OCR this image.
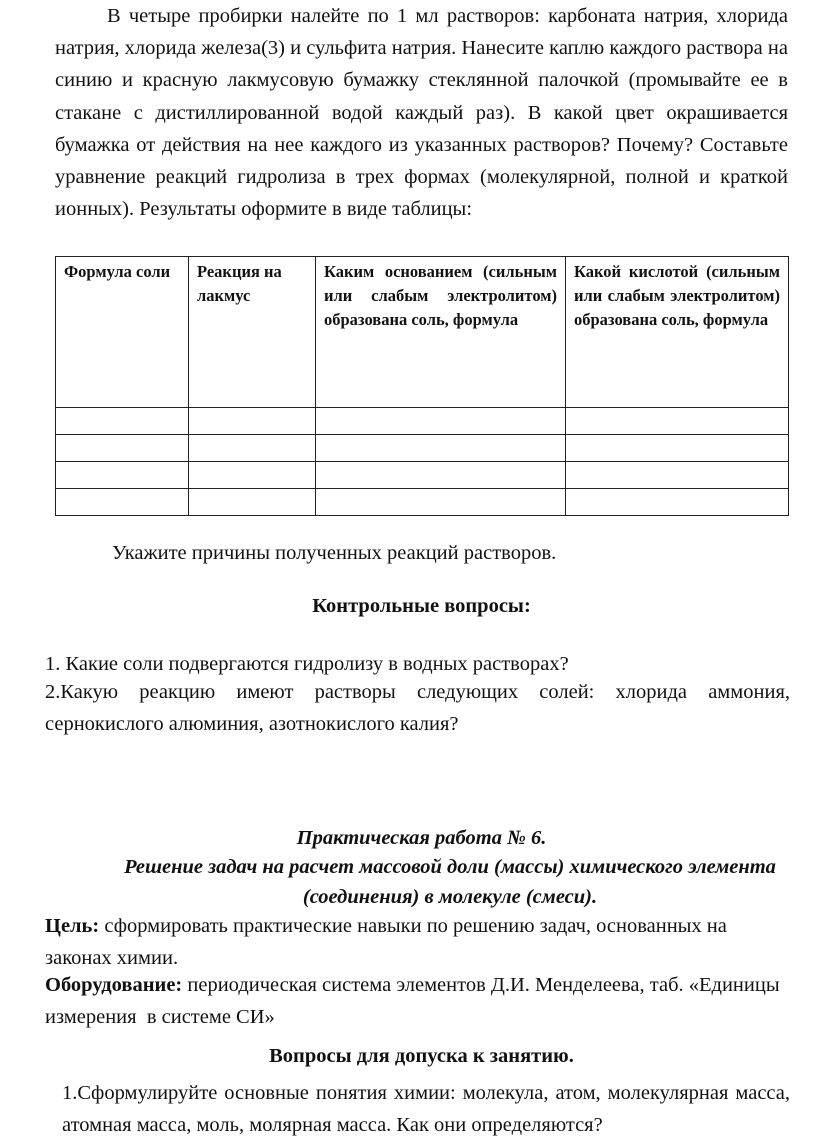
В четыре пробирки налейте по 1 мл растворов: карбоната натрия, хлорида натрия, хлорида железа(3) и сульфита натрия. Нанесите каплю каждого раствора на синию и красную лакмусовую бумажку стеклянной палочкой (промывайте ее в стакане с дистиллированной водой каждый раз). В какой цвет окрашивается бумажка от действия на нее каждого из указанных растворов? Почему? Составьте уравнение реакций гидролиза в трех формах (молекулярной, полной и краткой ионных). Результаты оформите в виде таблицы:

Формула соли	Реакция на лакмус	Каким основанием (сильным или слабым электролитом) образована соль, формула	Какой кислотой (сильным или слабым электролитом) образована соль, формула

Укажите причины полученных реакций растворов.

Контрольные вопросы:

1. Какие соли подвергаются гидролизу в водных растворах?

2.Какую реакцию имеют растворы следующих солей: хлорида аммония, сернокислого алюминия, азотнокислого калия?

Практическая работа № 6.

Решение задач на расчет массовой доли (массы) химического элемента (соединения) в молекуле (смеси).

Цель: сформировать практические навыки по решению задач, основанных на законах химии.

Оборудование: периодическая система элементов Д.И. Менделеева, таб. «Единицы   измерения  в системе СИ»

Вопросы для допуска к занятию.

1.Сформулируйте основные понятия химии: молекула, атом, молекулярная масса, атомная масса, моль, молярная масса. Как они определяются?
